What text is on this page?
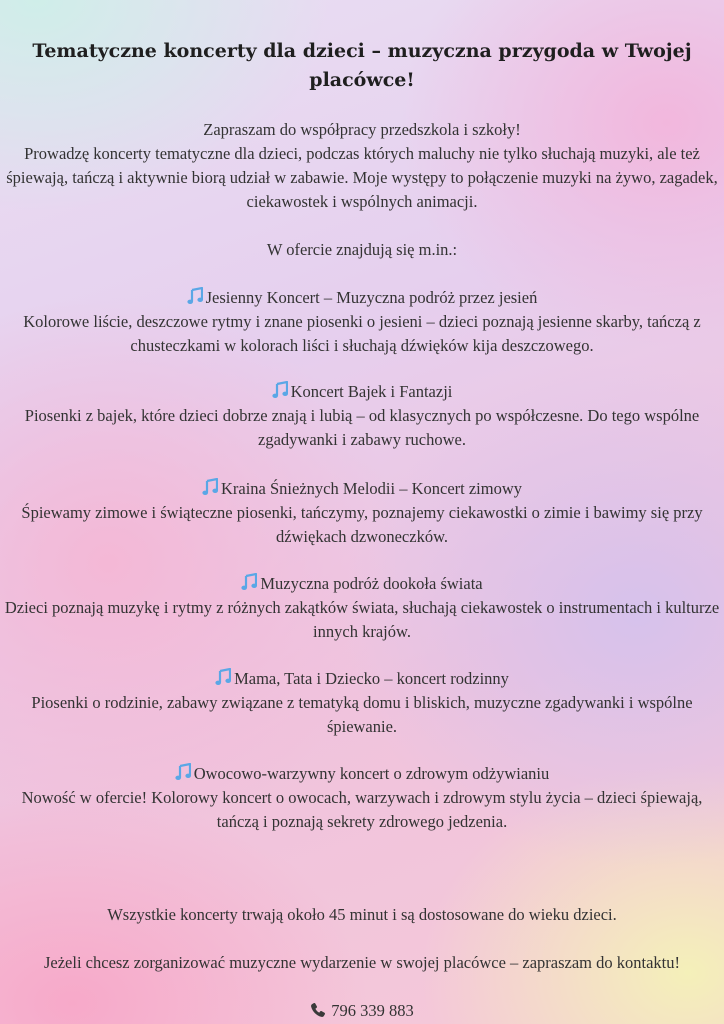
Tematyczne koncerty dla dzieci – muzyczna przygoda w Twojej placówce!

Zapraszam do współpracy przedszkola i szkoły!

Prowadzę koncerty tematyczne dla dzieci, podczas których maluchy nie tylko słuchają muzyki, ale też śpiewają, tańczą i aktywnie biorą udział w zabawie. Moje występy to połączenie muzyki na żywo, zagadek, ciekawostek i wspólnych animacji.

W ofercie znajdują się m.in.:

Jesienny Koncert – Muzyczna podróż przez jesień

Kolorowe liście, deszczowe rytmy i znane piosenki o jesieni – dzieci poznają jesienne skarby, tańczą z chusteczkami w kolorach liści i słuchają dźwięków kija deszczowego.

Koncert Bajek i Fantazji

Piosenki z bajek, które dzieci dobrze znają i lubią – od klasycznych po współczesne. Do tego wspólne zgadywanki i zabawy ruchowe.

Kraina Śnieżnych Melodii – Koncert zimowy

Śpiewamy zimowe i świąteczne piosenki, tańczymy, poznajemy ciekawostki o zimie i bawimy się przy dźwiękach dzwoneczków.

Muzyczna podróż dookoła świata

Dzieci poznają muzykę i rytmy z różnych zakątków świata, słuchają ciekawostek o instrumentach i kulturze innych krajów.

Mama, Tata i Dziecko – koncert rodzinny

Piosenki o rodzinie, zabawy związane z tematyką domu i bliskich, muzyczne zgadywanki i wspólne śpiewanie.

Owocowo-warzywny koncert o zdrowym odżywianiu

Nowość w ofercie! Kolorowy koncert o owocach, warzywach i zdrowym stylu życia – dzieci śpiewają, tańczą i poznają sekrety zdrowego jedzenia.

Wszystkie koncerty trwają około 45 minut i są dostosowane do wieku dzieci.

Jeżeli chcesz zorganizować muzyczne wydarzenie w swojej placówce – zapraszam do kontaktu!

796 339 883
